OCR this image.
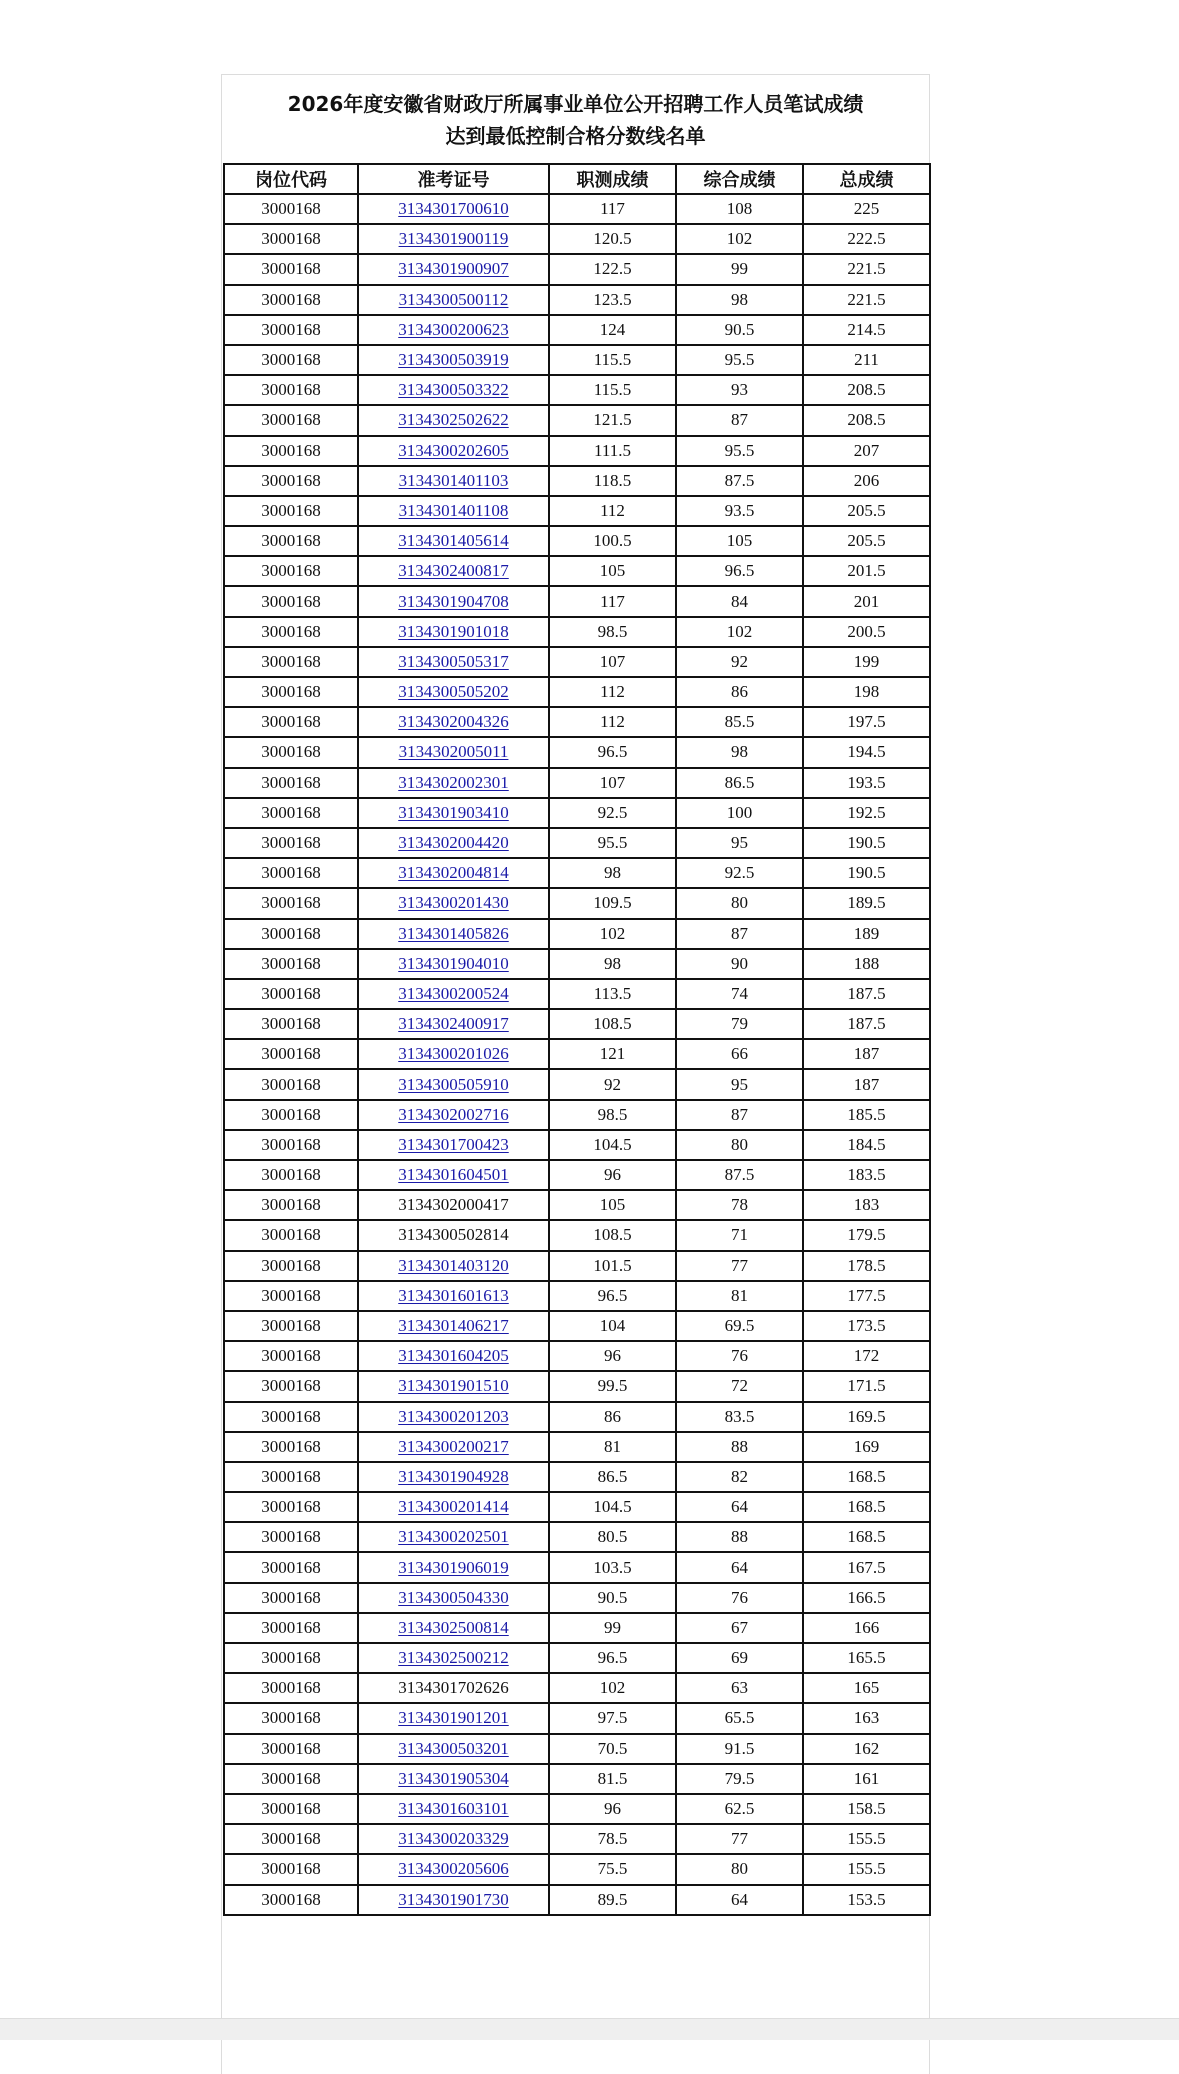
2026年度安徽省财政厅所属事业单位公开招聘工作人员笔试成绩
达到最低控制合格分数线名单
岗位代码	准考证号	职测成绩	综合成绩	总成绩
3000168	3134301700610	117	108	225
3000168	3134301900119	120.5	102	222.5
3000168	3134301900907	122.5	99	221.5
3000168	3134300500112	123.5	98	221.5
3000168	3134300200623	124	90.5	214.5
3000168	3134300503919	115.5	95.5	211
3000168	3134300503322	115.5	93	208.5
3000168	3134302502622	121.5	87	208.5
3000168	3134300202605	111.5	95.5	207
3000168	3134301401103	118.5	87.5	206
3000168	3134301401108	112	93.5	205.5
3000168	3134301405614	100.5	105	205.5
3000168	3134302400817	105	96.5	201.5
3000168	3134301904708	117	84	201
3000168	3134301901018	98.5	102	200.5
3000168	3134300505317	107	92	199
3000168	3134300505202	112	86	198
3000168	3134302004326	112	85.5	197.5
3000168	3134302005011	96.5	98	194.5
3000168	3134302002301	107	86.5	193.5
3000168	3134301903410	92.5	100	192.5
3000168	3134302004420	95.5	95	190.5
3000168	3134302004814	98	92.5	190.5
3000168	3134300201430	109.5	80	189.5
3000168	3134301405826	102	87	189
3000168	3134301904010	98	90	188
3000168	3134300200524	113.5	74	187.5
3000168	3134302400917	108.5	79	187.5
3000168	3134300201026	121	66	187
3000168	3134300505910	92	95	187
3000168	3134302002716	98.5	87	185.5
3000168	3134301700423	104.5	80	184.5
3000168	3134301604501	96	87.5	183.5
3000168	3134302000417	105	78	183
3000168	3134300502814	108.5	71	179.5
3000168	3134301403120	101.5	77	178.5
3000168	3134301601613	96.5	81	177.5
3000168	3134301406217	104	69.5	173.5
3000168	3134301604205	96	76	172
3000168	3134301901510	99.5	72	171.5
3000168	3134300201203	86	83.5	169.5
3000168	3134300200217	81	88	169
3000168	3134301904928	86.5	82	168.5
3000168	3134300201414	104.5	64	168.5
3000168	3134300202501	80.5	88	168.5
3000168	3134301906019	103.5	64	167.5
3000168	3134300504330	90.5	76	166.5
3000168	3134302500814	99	67	166
3000168	3134302500212	96.5	69	165.5
3000168	3134301702626	102	63	165
3000168	3134301901201	97.5	65.5	163
3000168	3134300503201	70.5	91.5	162
3000168	3134301905304	81.5	79.5	161
3000168	3134301603101	96	62.5	158.5
3000168	3134300203329	78.5	77	155.5
3000168	3134300205606	75.5	80	155.5
3000168	3134301901730	89.5	64	153.5
